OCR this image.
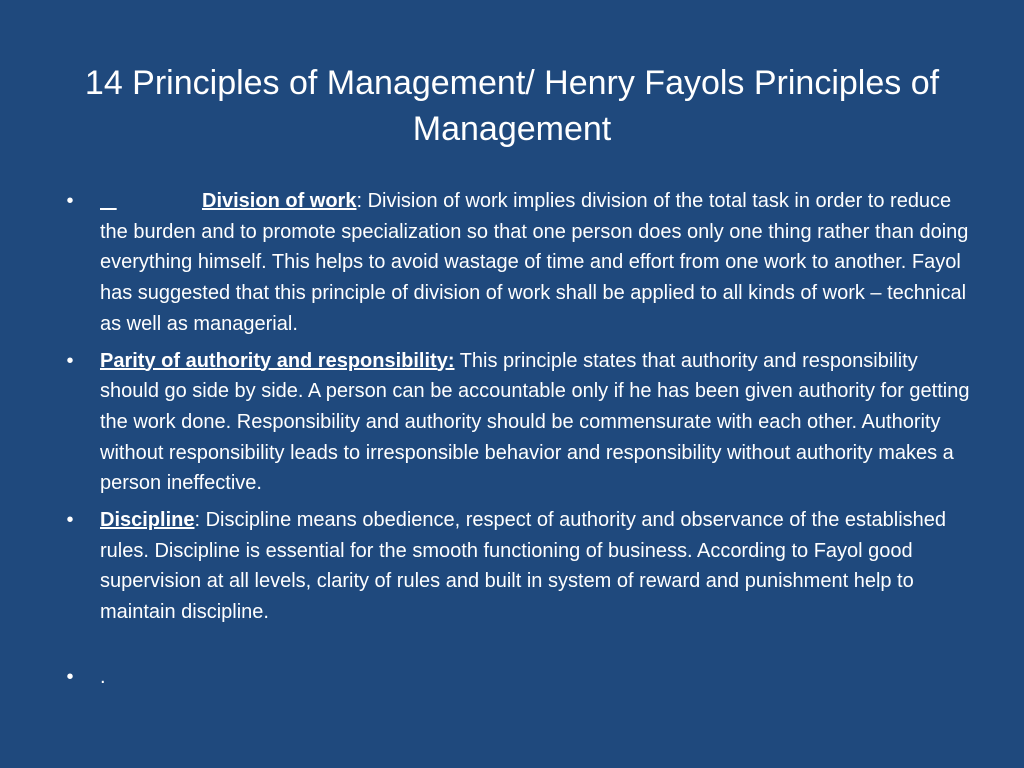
14 Principles of Management/ Henry Fayols Principles of Management
•	Division of work: Division of work implies division of the total task in order to reduce the burden and to promote specialization so that one person does only one thing rather than doing everything himself. This helps to avoid wastage of time and effort from one work to another. Fayol has suggested that this principle of division of work shall be applied to all kinds of work – technical as well as managerial.
•	Parity of authority and responsibility: This principle states that authority and responsibility should go side by side. A person can be accountable only if he has been given authority for getting the work done. Responsibility and authority should be commensurate with each other. Authority without responsibility leads to irresponsible behavior and responsibility without authority makes a person ineffective.
•	Discipline: Discipline means obedience, respect of authority and observance of the established rules. Discipline is essential for the smooth functioning of business. According to Fayol good supervision at all levels, clarity of rules and built in system of reward and punishment help to maintain discipline.
•	.
